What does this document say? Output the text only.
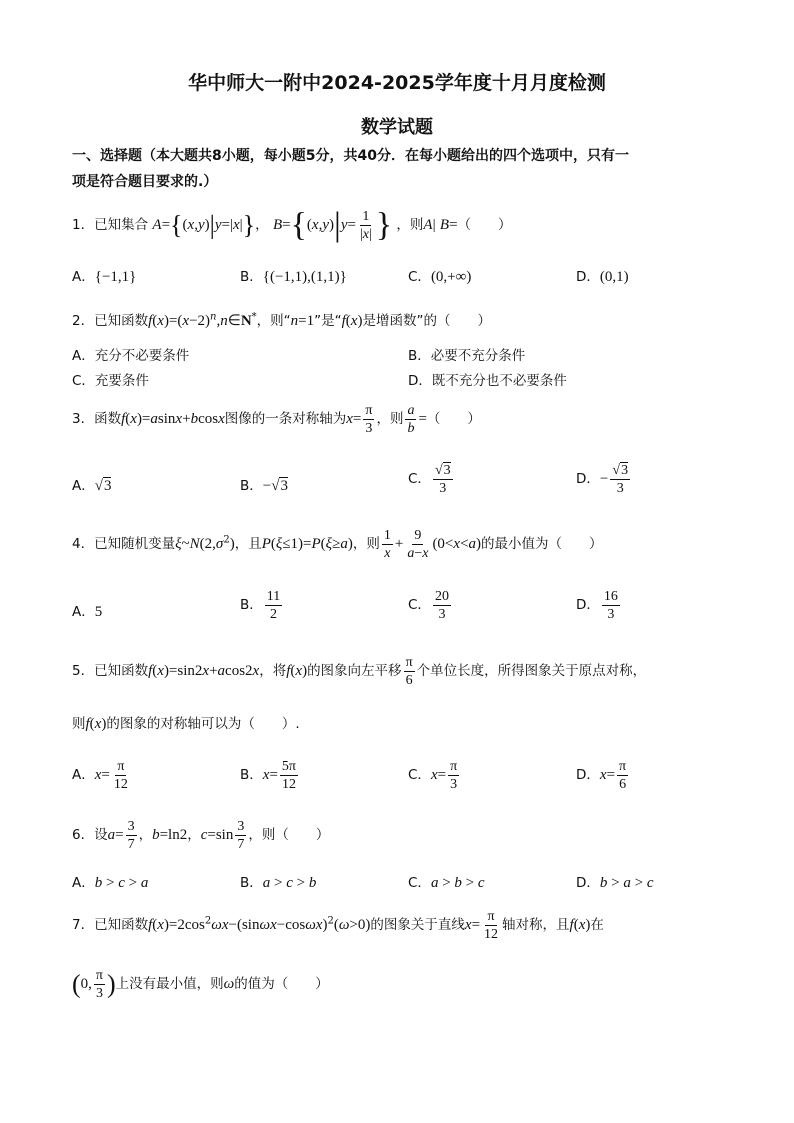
华中师大一附中2024-2025学年度十月月度检测
数学试题
一、选择题（本大题共8小题，每小题5分，共40分．在每小题给出的四个选项中，只有一
项是符合题目要求的.）
1．已知集合 A={(x,y)|y=|x|}， $B=\{(x,y)|y= \frac{1}{|x|}$ } ，则A| B=（　　）
A．{−1,1}	B．{(−1,1),(1,1)}	C．(0,+∞)	D．(0,1)
2．已知函数$f(x)=(x-2)^n,n\in N^*$，则“n=1”是“f(x)是增函数”的（　　）
A．充分不必要条件	B．必要不充分条件
C．充要条件	D．既不充分也不必要条件
3．函数f(x)=asinx+bcosx图像的一条对称轴为$x= \frac{\pi}{3}$ ，则 $\frac{a}{b}$ =（　　）
A．√3	B．−√3	C． $\frac{√3}{3}$	D．− $\frac{√3}{3}$
4．已知随机变量$\xi\sim N(2,\sigma^2)$，且P(ξ≤1)=P(ξ≥a)，则 $\frac{1}{x} + \frac{9}{a-x} (0<x<a)$的最小值为（　　）
A．5	B． $\frac{11}{2}$	C． $\frac{20}{3}$	D． $\frac{16}{3}$
5．已知函数f(x)=sin2x+acos2x，将f(x)的图象向左平移 $\frac{\pi}{6}$ 个单位长度，所得图象关于原点对称，
则f(x)的图象的对称轴可以为（　　）.
A．$x= \frac{\pi}{12}$	B．$x= \frac{5\pi}{12}$	C．$x= \frac{\pi}{3}$	D．$x= \frac{\pi}{6}$
6．设$a= \frac{3}{7}$ ，b=ln2，$c=\sin \frac{3}{7}$ ，则（　　）
A．b > c > a	B．a > c > b	C．a > b > c	D．b > a > c
7．已知函数$f(x)=2\cos^2\omega x-(\sin\omega x-\cos\omega x)^2(\omega>0)$的图象关于直线$x= \frac{\pi}{12}$ 轴对称，且f(x)在
(0, $\frac{\pi}{3}$ )上没有最小值，则ω的值为（　　）
